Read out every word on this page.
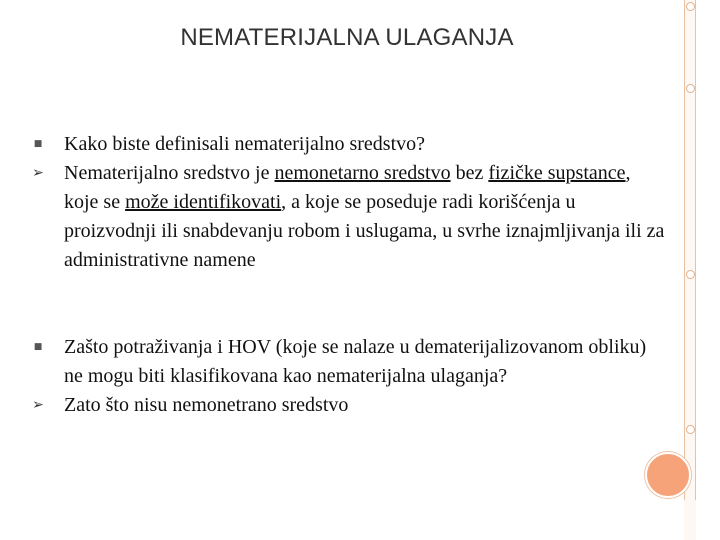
NEMATERIJALNA ULAGANJA
■ Kako biste definisali nematerijalno sredstvo?
➢ Nematerijalno sredstvo je nemonetarno sredstvo bez fizičke supstance, koje se može identifikovati, a koje se poseduje radi korišćenja u proizvodnji ili snabdevanju robom i uslugama, u svrhe iznajmljivanja ili za administrativne namene
■ Zašto potraživanja i HOV (koje se nalaze u dematerijalizovanom obliku) ne mogu biti klasifikovana kao nematerijalna ulaganja?
➢ Zato što nisu nemonetrano sredstvo
